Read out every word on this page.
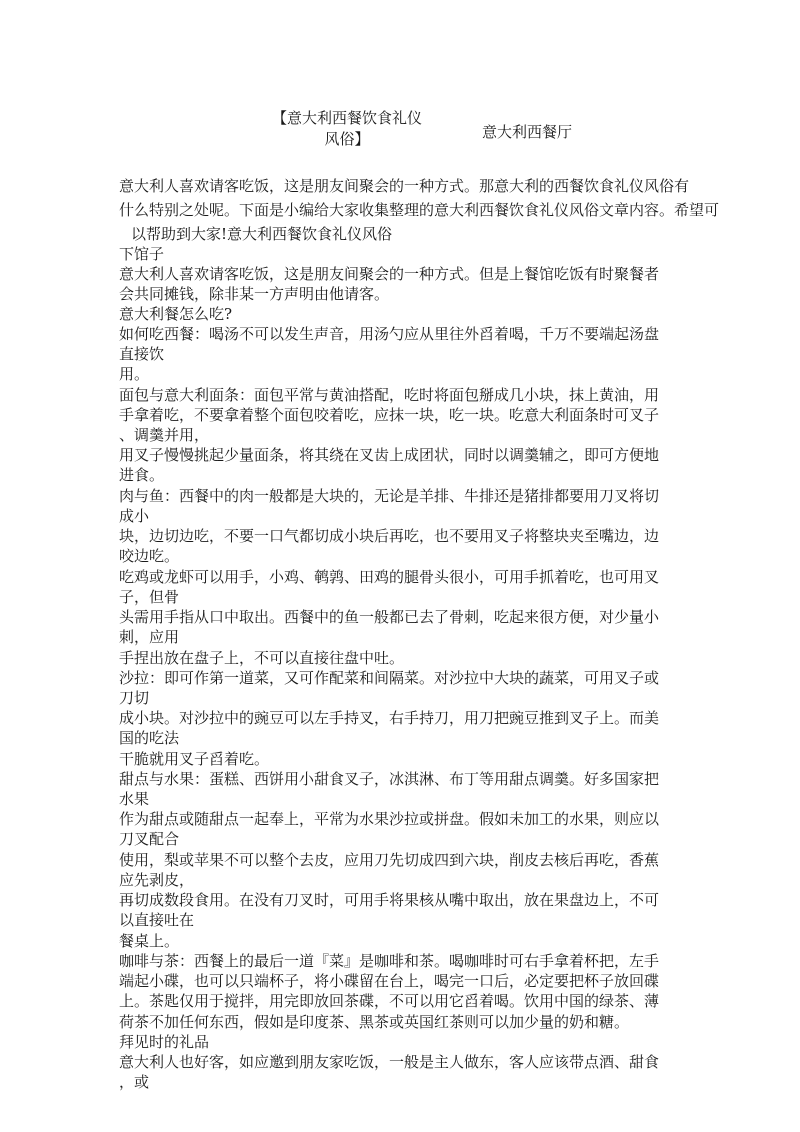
【意大利西餐饮食礼仪
风俗】	意大利西餐厅
意大利人喜欢请客吃饭，这是朋友间聚会的一种方式。那意大利的西餐饮食礼仪风俗有
什么特别之处呢。下面是小编给大家收集整理的意大利西餐饮食礼仪风俗文章内容。希望可
以帮助到大家!意大利西餐饮食礼仪风俗
下馆子
意大利人喜欢请客吃饭，这是朋友间聚会的一种方式。但是上餐馆吃饭有时聚餐者
会共同摊钱，除非某一方声明由他请客。
意大利餐怎么吃?
如何吃西餐：喝汤不可以发生声音，用汤勺应从里往外舀着喝，千万不要端起汤盘
直接饮
用。
面包与意大利面条：面包平常与黄油搭配，吃时将面包掰成几小块，抹上黄油，用
手拿着吃，不要拿着整个面包咬着吃，应抹一块，吃一块。吃意大利面条时可叉子
、调羹并用，
用叉子慢慢挑起少量面条，将其绕在叉齿上成团状，同时以调羹辅之，即可方便地
进食。
肉与鱼：西餐中的肉一般都是大块的，无论是羊排、牛排还是猪排都要用刀叉将切
成小
块，边切边吃，不要一口气都切成小块后再吃，也不要用叉子将整块夹至嘴边，边
咬边吃。
吃鸡或龙虾可以用手，小鸡、鹌鹑、田鸡的腿骨头很小，可用手抓着吃，也可用叉
子，但骨
头需用手指从口中取出。西餐中的鱼一般都已去了骨刺，吃起来很方便，对少量小
刺，应用
手捏出放在盘子上，不可以直接往盘中吐。
沙拉：即可作第一道菜，又可作配菜和间隔菜。对沙拉中大块的蔬菜，可用叉子或
刀切
成小块。对沙拉中的豌豆可以左手持叉，右手持刀，用刀把豌豆推到叉子上。而美
国的吃法
干脆就用叉子舀着吃。
甜点与水果：蛋糕、西饼用小甜食叉子，冰淇淋、布丁等用甜点调羹。好多国家把
水果
作为甜点或随甜点一起奉上，平常为水果沙拉或拼盘。假如未加工的水果，则应以
刀叉配合
使用，梨或苹果不可以整个去皮，应用刀先切成四到六块，削皮去核后再吃，香蕉
应先剥皮，
再切成数段食用。在没有刀叉时，可用手将果核从嘴中取出，放在果盘边上，不可
以直接吐在
餐桌上。
咖啡与茶：西餐上的最后一道『菜』是咖啡和茶。喝咖啡时可右手拿着杯把，左手
端起小碟，也可以只端杯子，将小碟留在台上，喝完一口后，必定要把杯子放回碟
上。茶匙仅用于搅拌，用完即放回茶碟，不可以用它舀着喝。饮用中国的绿茶、薄
荷茶不加任何东西，假如是印度茶、黑茶或英国红茶则可以加少量的奶和糖。
拜见时的礼品
意大利人也好客，如应邀到朋友家吃饭，一般是主人做东，客人应该带点酒、甜食
，或
